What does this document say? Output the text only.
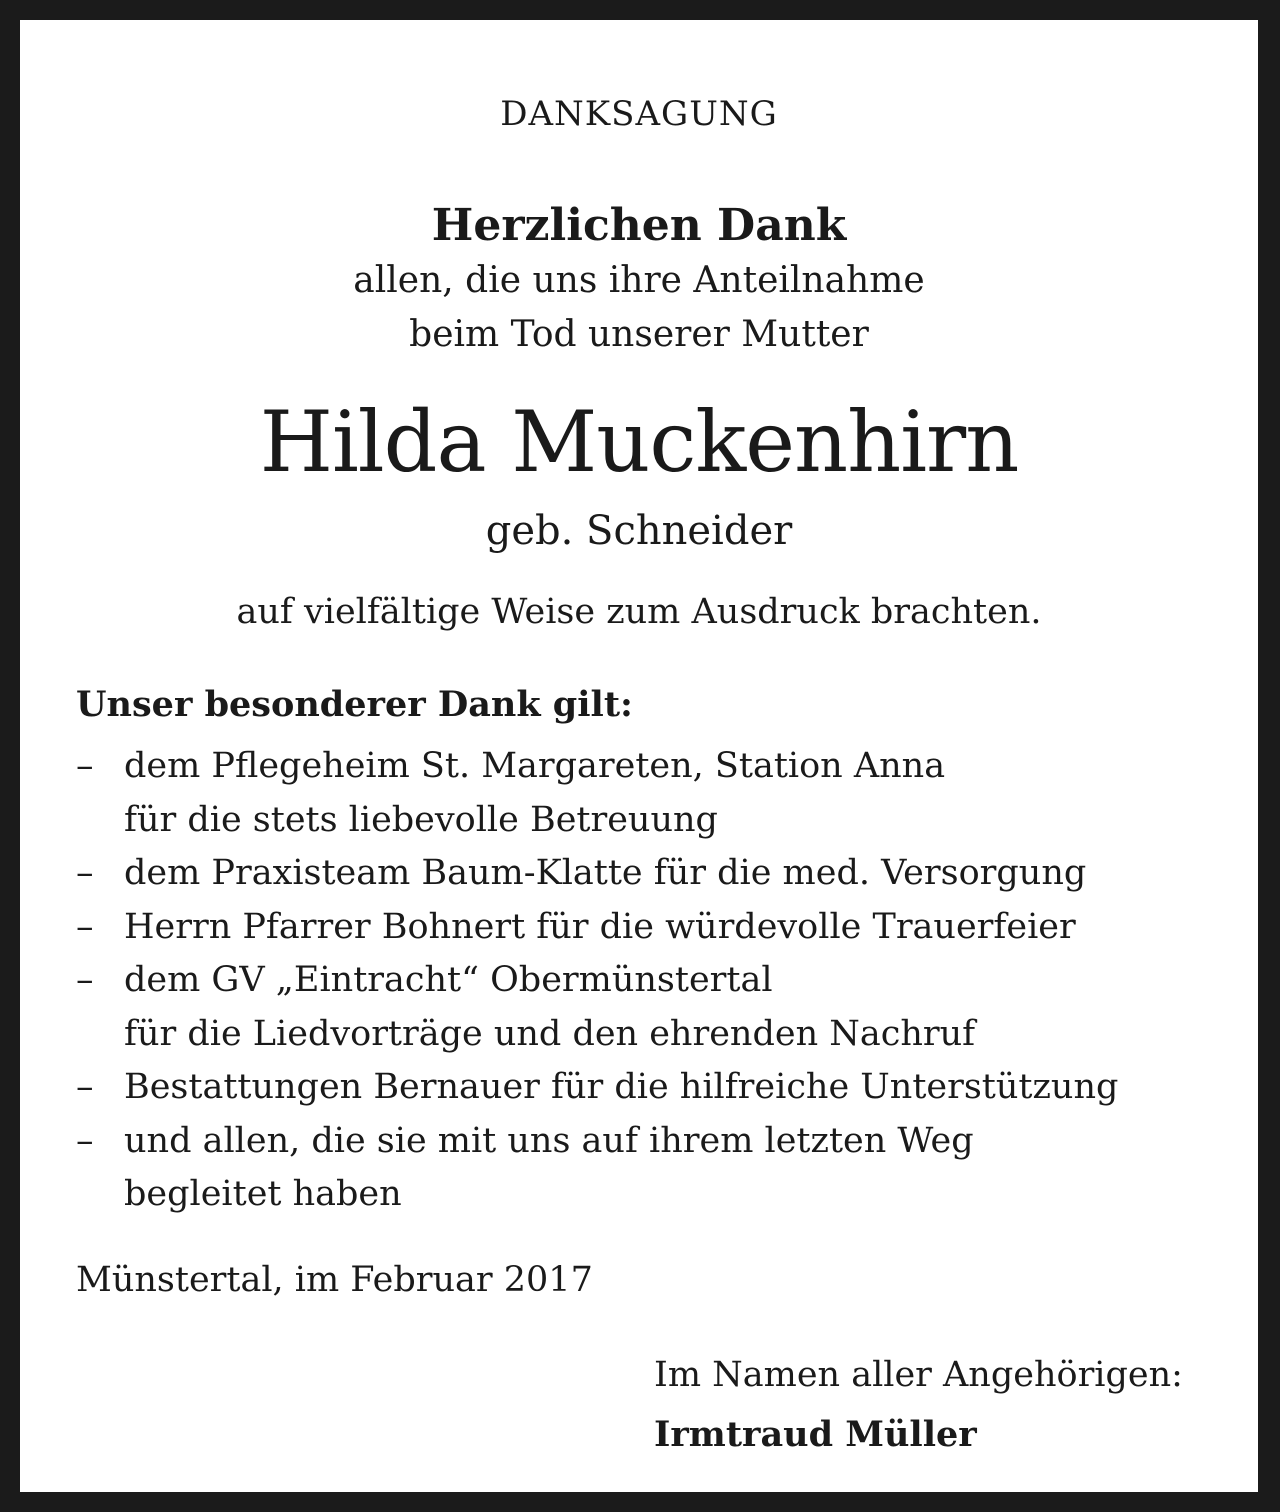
DANKSAGUNG
Herzlichen Dank
allen, die uns ihre Anteilnahme
beim Tod unserer Mutter
Hilda Muckenhirn
geb. Schneider
auf vielfältige Weise zum Ausdruck brachten.
Unser besonderer Dank gilt:
– dem Pflegeheim St. Margareten, Station Anna
für die stets liebevolle Betreuung
– dem Praxisteam Baum-Klatte für die med. Versorgung
– Herrn Pfarrer Bohnert für die würdevolle Trauerfeier
– dem GV „Eintracht“ Obermünstertal
für die Liedvorträge und den ehrenden Nachruf
– Bestattungen Bernauer für die hilfreiche Unterstützung
– und allen, die sie mit uns auf ihrem letzten Weg
begleitet haben
Münstertal, im Februar 2017
Im Namen aller Angehörigen:
Irmtraud Müller
